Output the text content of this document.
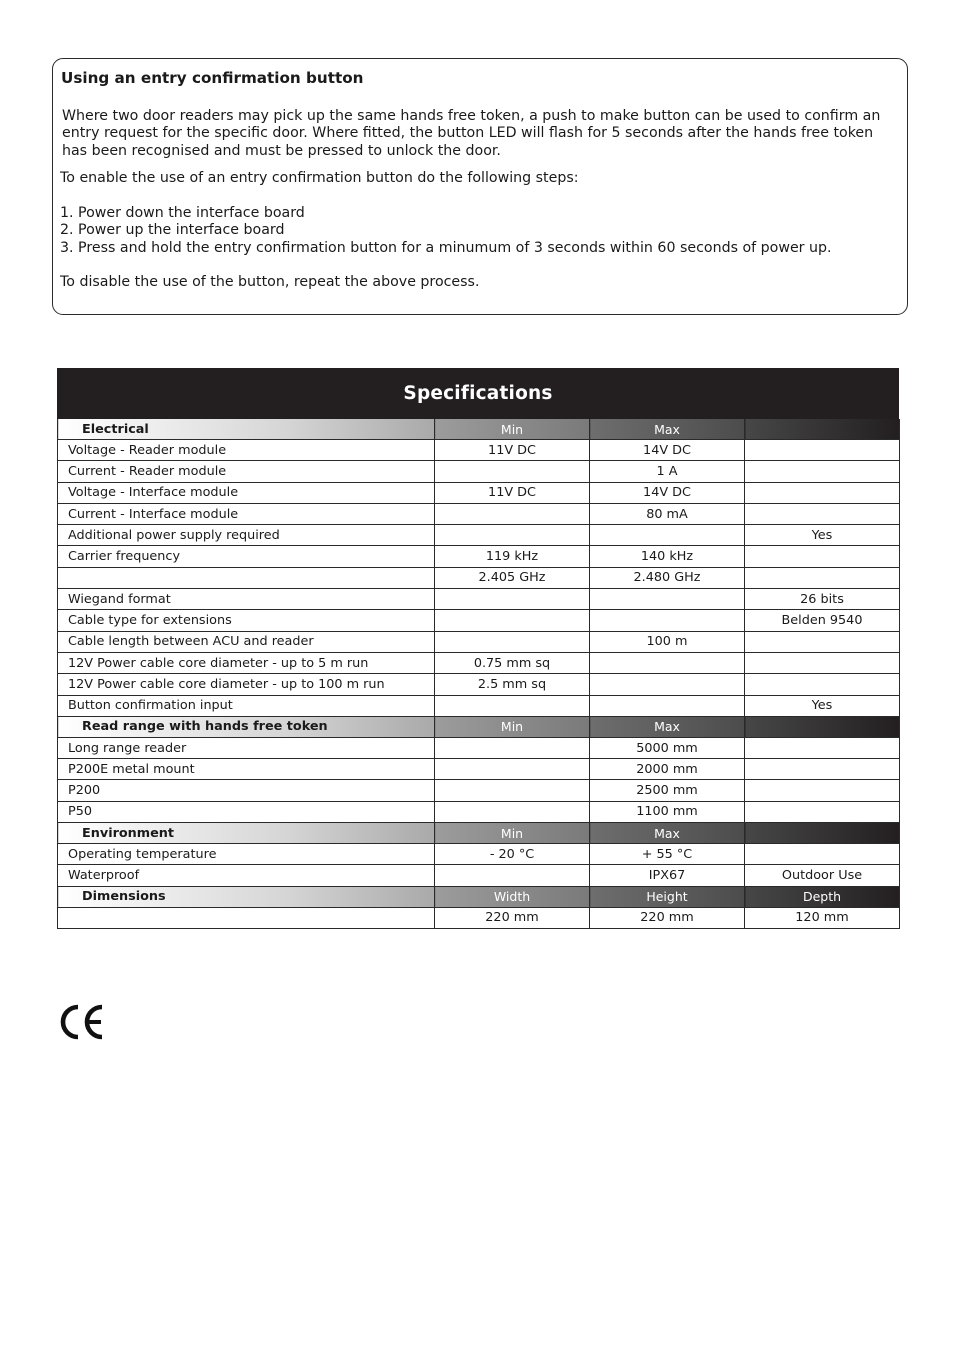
Using an entry confirmation button
Where two door readers may pick up the same hands free token, a push to make button can be used to confirm an entry request for the specific door. Where fitted, the button LED will flash for 5 seconds after the hands free token has been recognised and must be pressed to unlock the door.
To enable the use of an entry confirmation button do the following steps:
1. Power down the interface board
2. Power up the interface board
3. Press and hold the entry confirmation button for a minumum of 3 seconds within 60 seconds of power up.
To disable the use of the button, repeat the above process.
Specifications
Electrical	Min	Max	
Voltage - Reader module	11V DC	14V DC	
Current - Reader module		1 A	
Voltage - Interface module	11V DC	14V DC	
Current - Interface module		80 mA	
Additional power supply required			Yes
Carrier frequency	119 kHz	140 kHz	
	2.405 GHz	2.480 GHz	
Wiegand format			26 bits
Cable type for extensions			Belden 9540
Cable length between ACU and reader		100 m	
12V Power cable core diameter - up to 5 m run	0.75 mm sq		
12V Power cable core diameter - up to 100 m run	2.5 mm sq		
Button confirmation input			Yes
Read range with hands free token	Min	Max	
Long range reader		5000 mm	
P200E metal mount		2000 mm	
P200		2500 mm	
P50		1100 mm	
Environment	Min	Max	
Operating temperature	- 20 °C	+ 55 °C	
Waterproof		IPX67	Outdoor Use
Dimensions	Width	Height	Depth
	220 mm	220 mm	120 mm
